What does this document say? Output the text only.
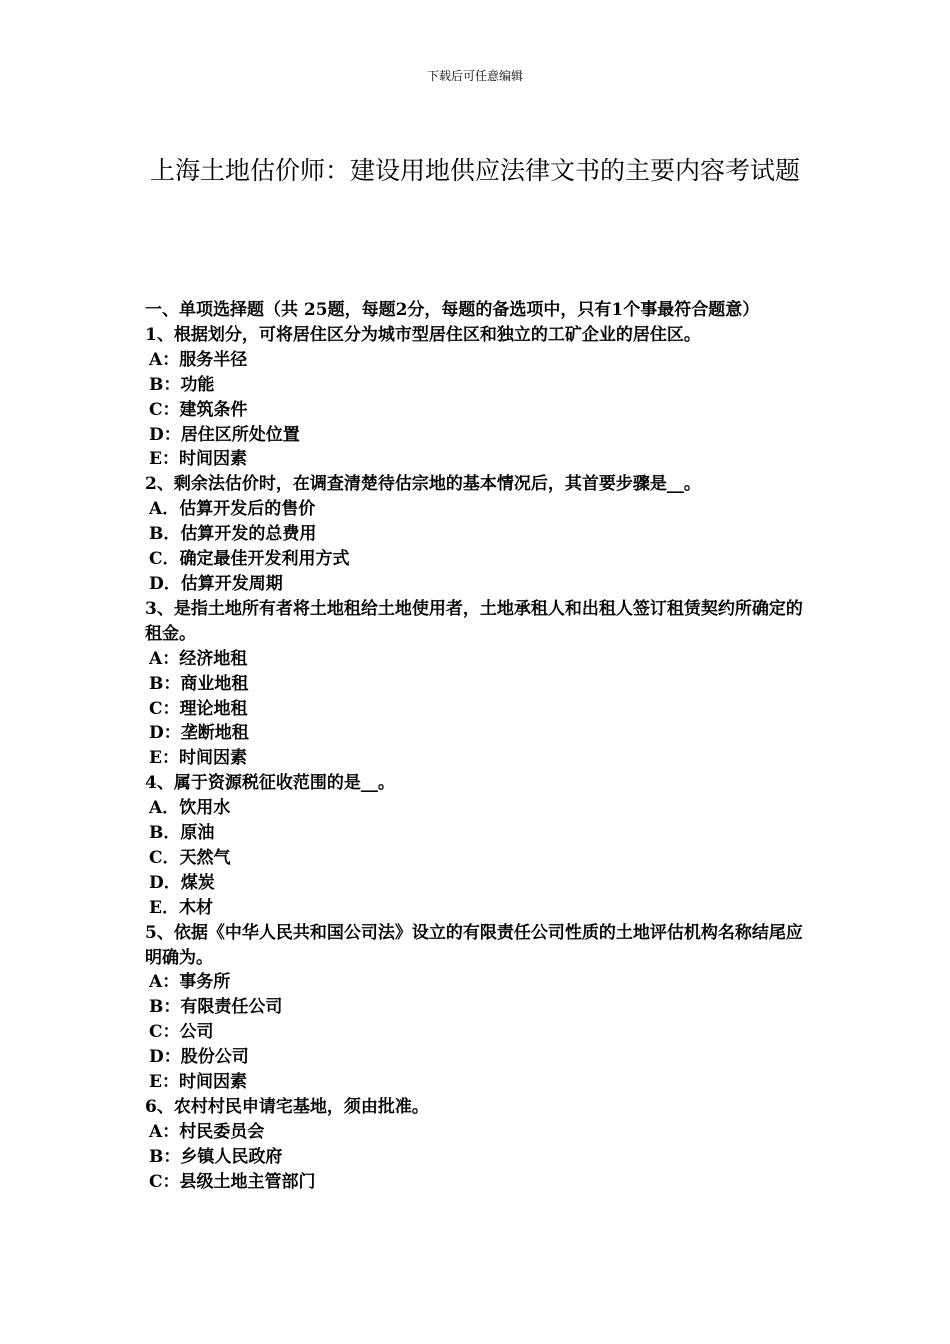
下载后可任意编辑
上海土地估价师：建设用地供应法律文书的主要内容考试题
一、单项选择题（共 25题，每题2分，每题的备选项中，只有1个事最符合题意）
1、根据划分，可将居住区分为城市型居住区和独立的工矿企业的居住区。
A：服务半径
B：功能
C：建筑条件
D：居住区所处位置
E：时间因素
2、剩余法估价时，在调查清楚待估宗地的基本情况后，其首要步骤是__。
A．估算开发后的售价
B．估算开发的总费用
C．确定最佳开发利用方式
D．估算开发周期
3、是指土地所有者将土地租给土地使用者，土地承租人和出租人签订租赁契约所确定的租金。
A：经济地租
B：商业地租
C：理论地租
D：垄断地租
E：时间因素
4、属于资源税征收范围的是__。
A．饮用水
B．原油
C．天然气
D．煤炭
E．木材
5、依据《中华人民共和国公司法》设立的有限责任公司性质的土地评估机构名称结尾应明确为。
A：事务所
B：有限责任公司
C：公司
D：股份公司
E：时间因素
6、农村村民申请宅基地，须由批准。
A：村民委员会
B：乡镇人民政府
C：县级土地主管部门
